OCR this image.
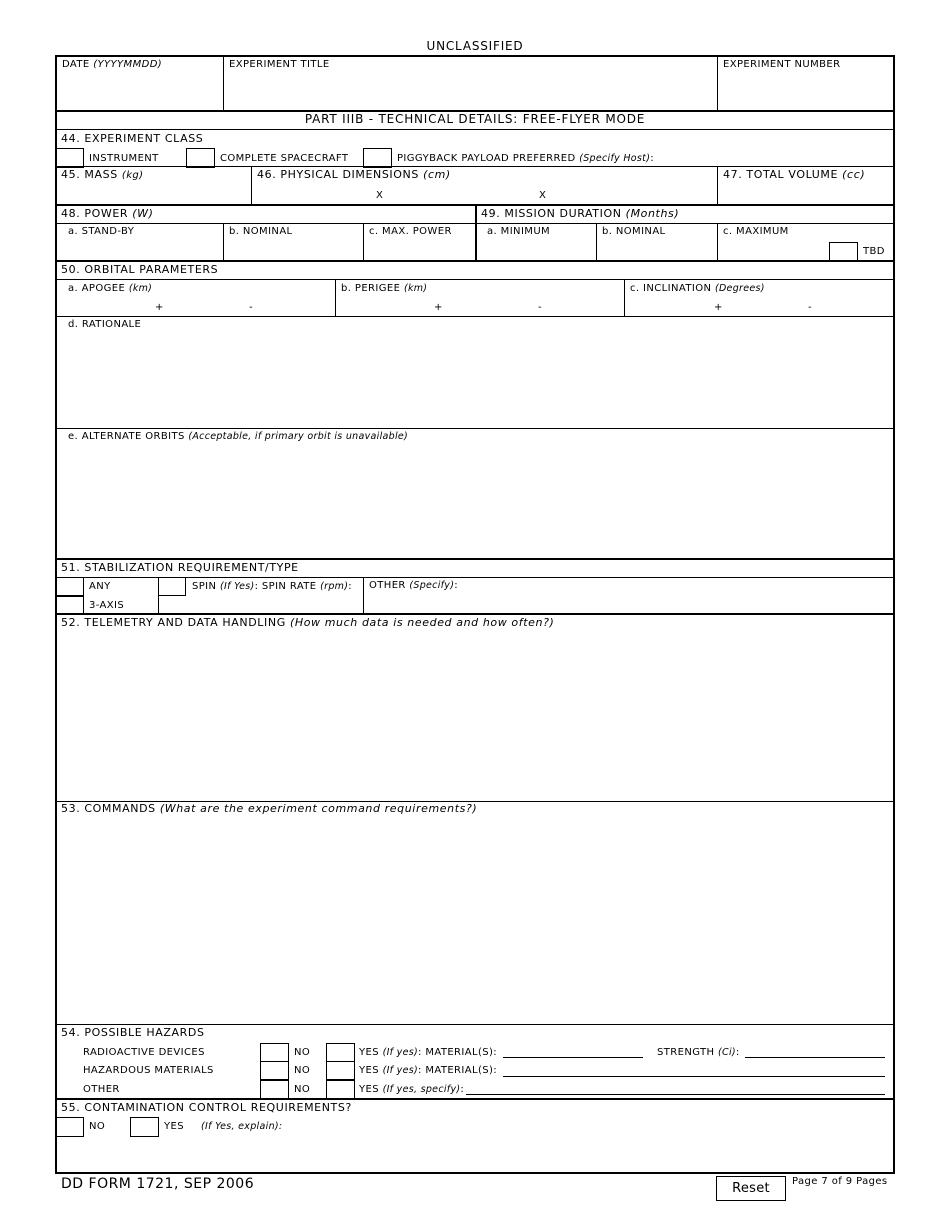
UNCLASSIFIED
DATE (YYYYMMDD)	EXPERIMENT TITLE	EXPERIMENT NUMBER
PART IIIB - TECHNICAL DETAILS: FREE-FLYER MODE
44. EXPERIMENT CLASS
INSTRUMENT	COMPLETE SPACECRAFT	PIGGYBACK PAYLOAD PREFERRED (Specify Host):
45. MASS (kg)	46. PHYSICAL DIMENSIONS (cm)	47. TOTAL VOLUME (cc)
X	X
48. POWER (W)	49. MISSION DURATION (Months)
a. STAND-BY	b. NOMINAL	c. MAX. POWER	a. MINIMUM	b. NOMINAL	c. MAXIMUM
TBD
50. ORBITAL PARAMETERS
a. APOGEE (km)	b. PERIGEE (km)	c. INCLINATION (Degrees)
+	-	+	-	+	-
d. RATIONALE
e. ALTERNATE ORBITS (Acceptable, if primary orbit is unavailable)
51. STABILIZATION REQUIREMENT/TYPE
ANY
3-AXIS
SPIN (If Yes): SPIN RATE (rpm): OTHER (Specify):
52. TELEMETRY AND DATA HANDLING (How much data is needed and how often?)
53. COMMANDS (What are the experiment command requirements?)
54. POSSIBLE HAZARDS
RADIOACTIVE DEVICES	NO	YES (If yes): MATERIAL(S):	STRENGTH (Ci):
HAZARDOUS MATERIALS	NO	YES (If yes): MATERIAL(S):
OTHER	NO	YES (If yes, specify):
55. CONTAMINATION CONTROL REQUIREMENTS?
NO	YES (If Yes, explain):
DD FORM 1721, SEP 2006	Reset	Page 7 of 9 Pages
